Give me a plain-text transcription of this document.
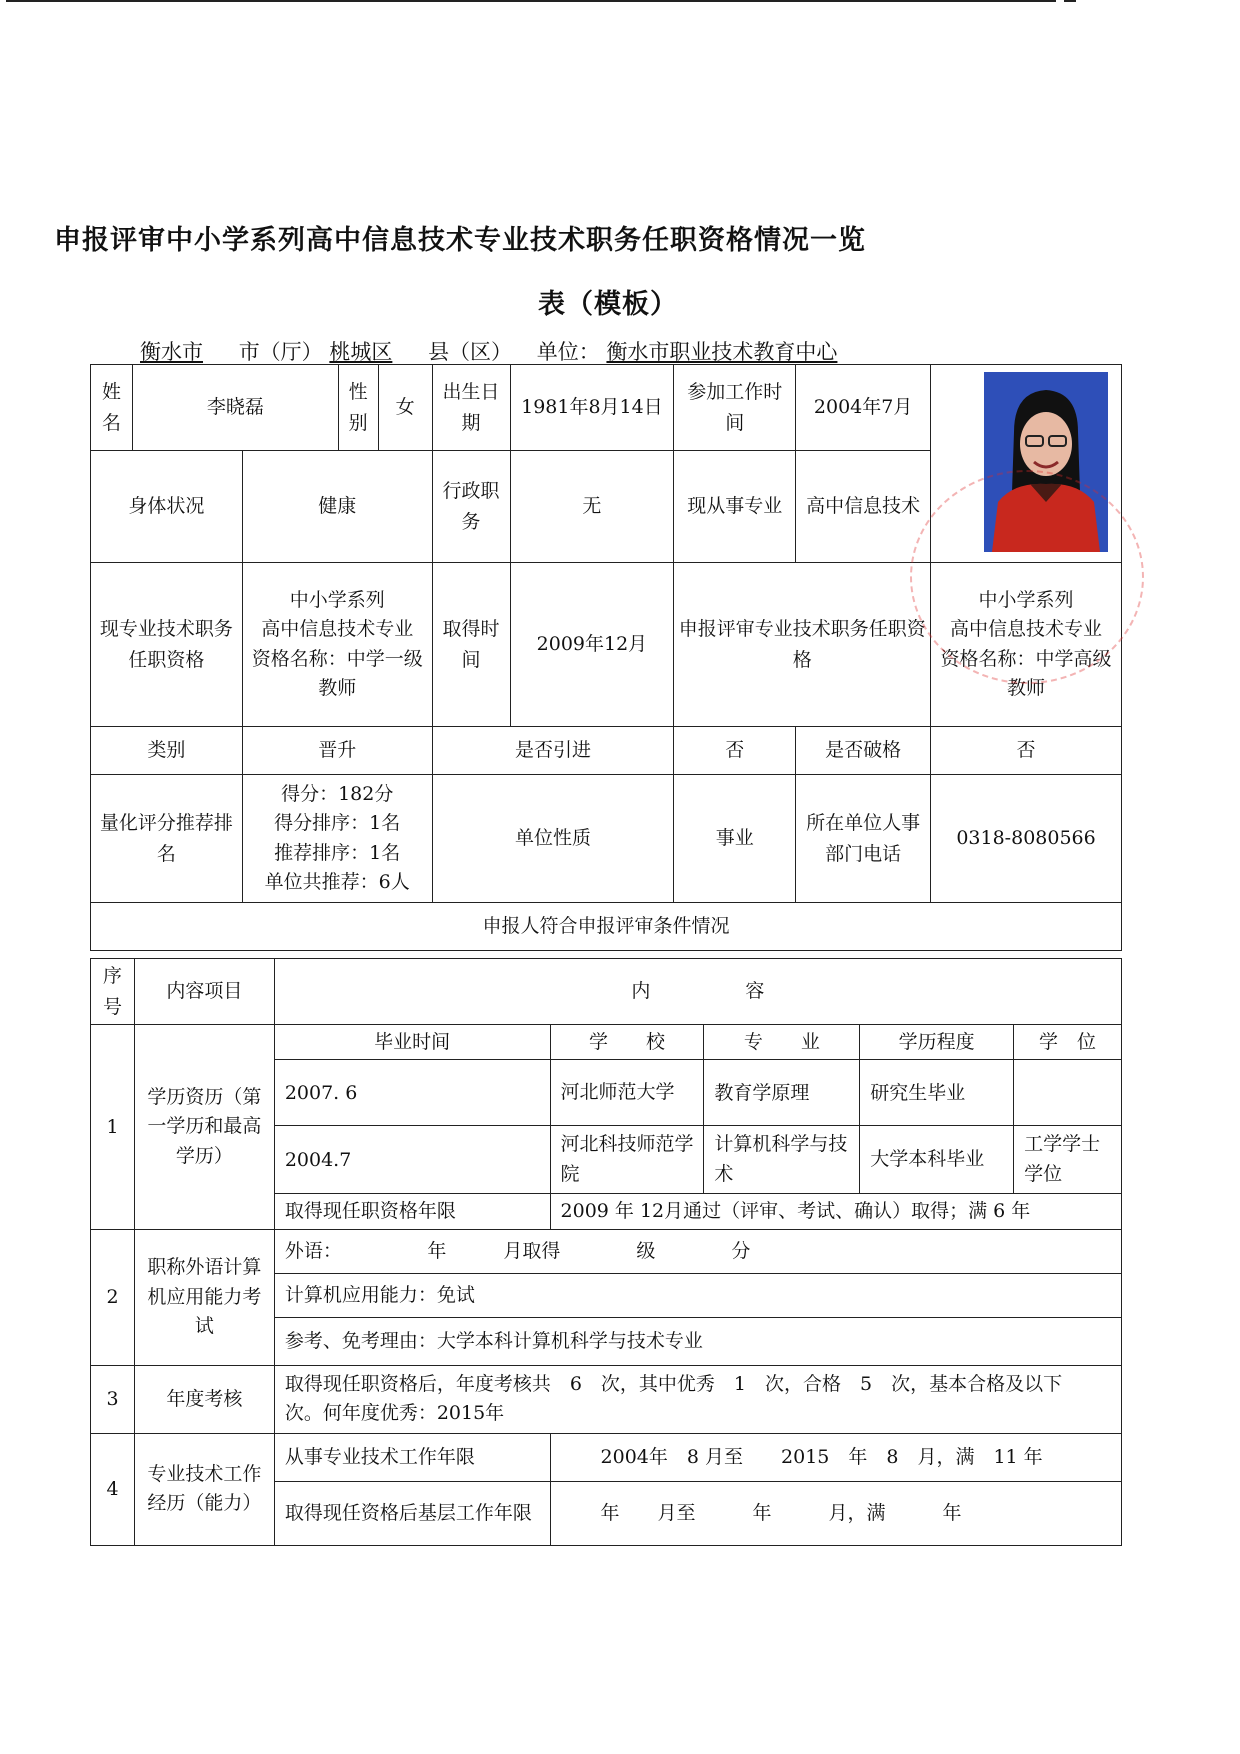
申报评审中小学系列高中信息技术专业技术职务任职资格情况一览
表（模板）
衡水市 市（厅） 桃城区 县（区） 单位： 衡水市职业技术教育中心
姓名	李晓磊		性别	女	出生日期	1981年8月14日	参加工作时间	2004年7月	
身体状况		健康			行政职务	无	现从事专业	高中信息技术	
现专业技术职务任职资格		中小学系列
高中信息技术专业
资格名称：中学一级教师			取得时间	2009年12月	申报评审专业技术职务任职资格		中小学系列
高中信息技术专业
资格名称：中学高级教师
类别		晋升			是否引进		否	是否破格	否
量化评分推荐排名		得分：182分
得分排序：1名
推荐排序：1名
单位共推荐：6人			单位性质		事业	所在单位人事部门电话	0318-8080566
申报人符合申报评审条件情况									
序号	内容项目	内　　　　　容				
1	学历资历（第一学历和最高学历）	毕业时间	学　　校	专　　业	学历程度	学　位
		2007. 6	河北师范大学	教育学原理	研究生毕业	
		2004.7	河北科技师范学院	计算机科学与技术	大学本科毕业	工学学士学位
		取得现任职资格年限	2009 年 12月通过（评审、考试、确认）取得；满 6 年			
2	职称外语计算机应用能力考试	外语：　　　　　年　　　月取得　　　　级　　　　分				
		计算机应用能力：免试				
		参考、免考理由：大学本科计算机科学与技术专业				
3	年度考核	取得现任职资格后，年度考核共　6　次，其中优秀　1　次，合格　5　次，基本合格及以下　　　次。何年度优秀：2015年				
4	专业技术工作经历（能力）	从事专业技术工作年限	2004年　8 月至　　2015　年　8　月，满　11 年			
		取得现任资格后基层工作年限	年　　月至　　　年　　　月，满　　　年			
